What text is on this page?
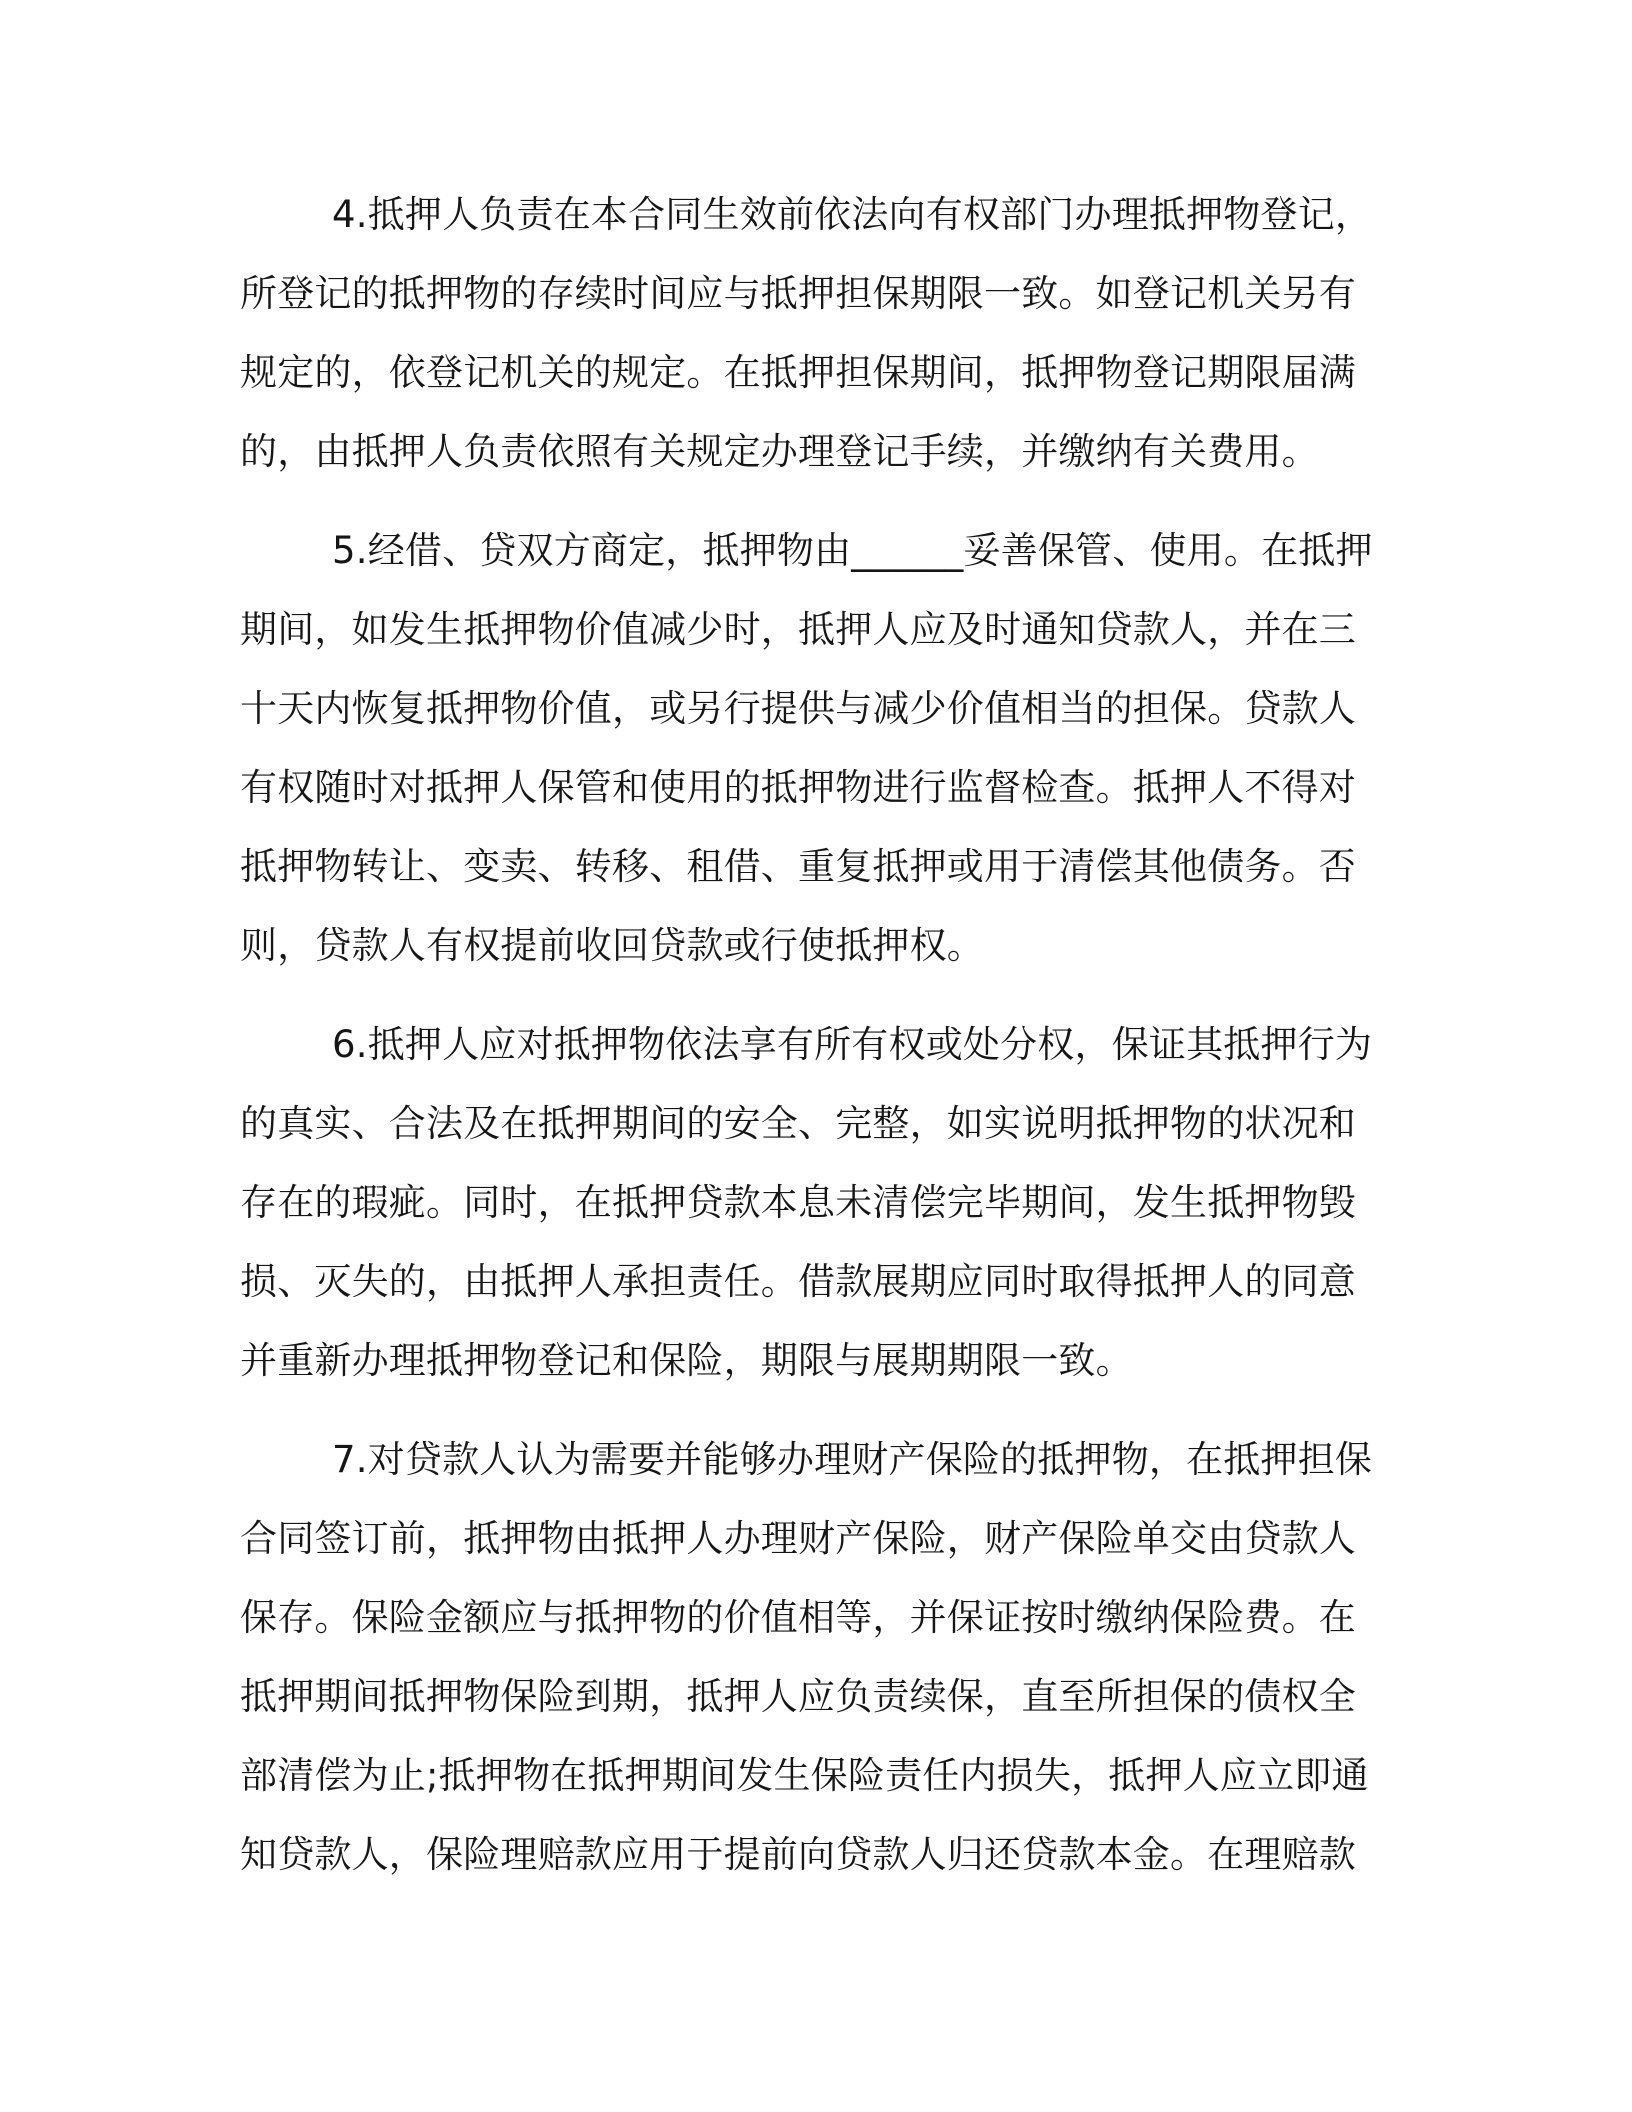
4.抵押人负责在本合同生效前依法向有权部门办理抵押物登记，
所登记的抵押物的存续时间应与抵押担保期限一致。如登记机关另有
规定的，依登记机关的规定。在抵押担保期间，抵押物登记期限届满
的，由抵押人负责依照有关规定办理登记手续，并缴纳有关费用。
5.经借、贷双方商定，抵押物由______妥善保管、使用。在抵押
期间，如发生抵押物价值减少时，抵押人应及时通知贷款人，并在三
十天内恢复抵押物价值，或另行提供与减少价值相当的担保。贷款人
有权随时对抵押人保管和使用的抵押物进行监督检查。抵押人不得对
抵押物转让、变卖、转移、租借、重复抵押或用于清偿其他债务。否
则，贷款人有权提前收回贷款或行使抵押权。
6.抵押人应对抵押物依法享有所有权或处分权，保证其抵押行为
的真实、合法及在抵押期间的安全、完整，如实说明抵押物的状况和
存在的瑕疵。同时，在抵押贷款本息未清偿完毕期间，发生抵押物毁
损、灭失的，由抵押人承担责任。借款展期应同时取得抵押人的同意
并重新办理抵押物登记和保险，期限与展期期限一致。
7.对贷款人认为需要并能够办理财产保险的抵押物，在抵押担保
合同签订前，抵押物由抵押人办理财产保险，财产保险单交由贷款人
保存。保险金额应与抵押物的价值相等，并保证按时缴纳保险费。在
抵押期间抵押物保险到期，抵押人应负责续保，直至所担保的债权全
部清偿为止;抵押物在抵押期间发生保险责任内损失，抵押人应立即通
知贷款人，保险理赔款应用于提前向贷款人归还贷款本金。在理赔款
